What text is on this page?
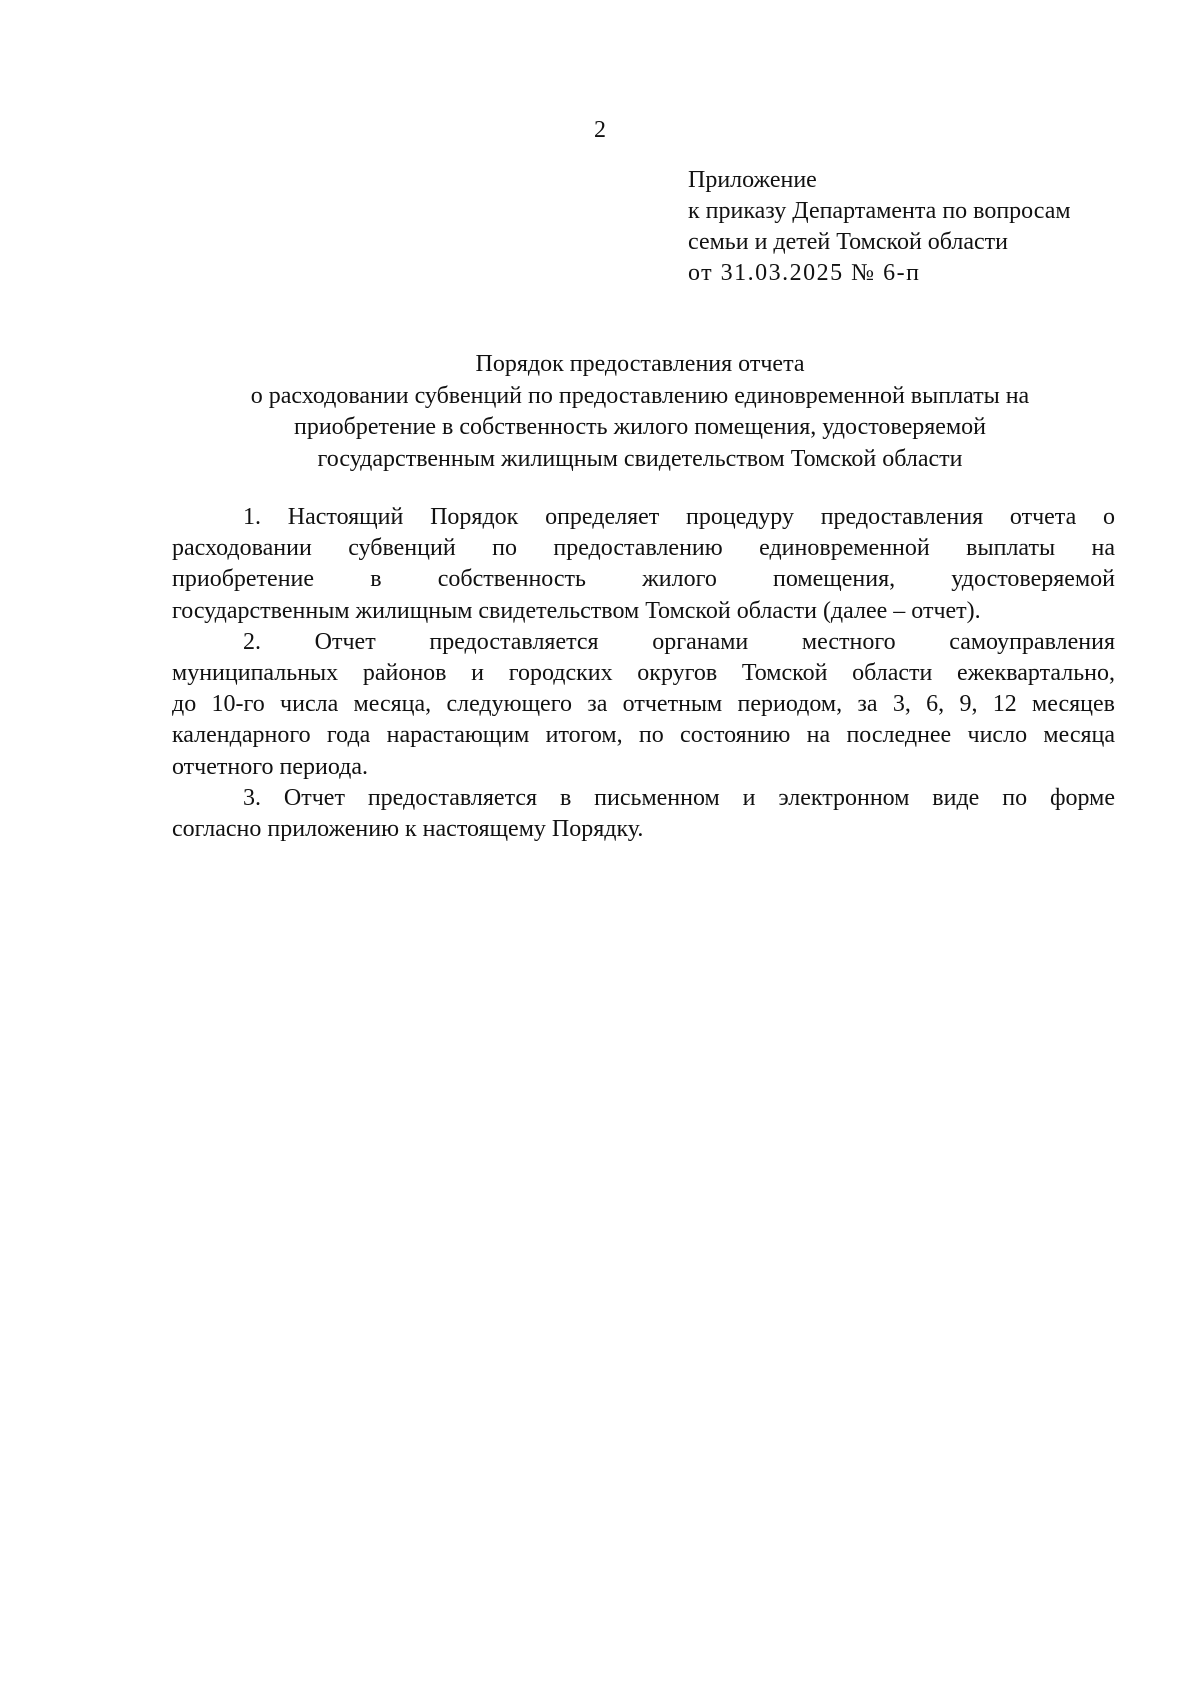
2
Приложение
к приказу Департамента по вопросам
семьи и детей Томской области
от 31.03.2025 № 6-п
Порядок предоставления отчета
о расходовании субвенций по предоставлению единовременной выплаты на
приобретение в собственность жилого помещения, удостоверяемой
государственным жилищным свидетельством Томской области
1. Настоящий Порядок определяет процедуру предоставления отчета о
расходовании субвенций по предоставлению единовременной выплаты на
приобретение в собственность жилого помещения, удостоверяемой
государственным жилищным свидетельством Томской области (далее – отчет).
2. Отчет предоставляется органами местного самоуправления
муниципальных районов и городских округов Томской области ежеквартально,
до 10-го числа месяца, следующего за отчетным периодом, за 3, 6, 9, 12 месяцев
календарного года нарастающим итогом, по состоянию на последнее число месяца
отчетного периода.
3. Отчет предоставляется в письменном и электронном виде по форме
согласно приложению к настоящему Порядку.
